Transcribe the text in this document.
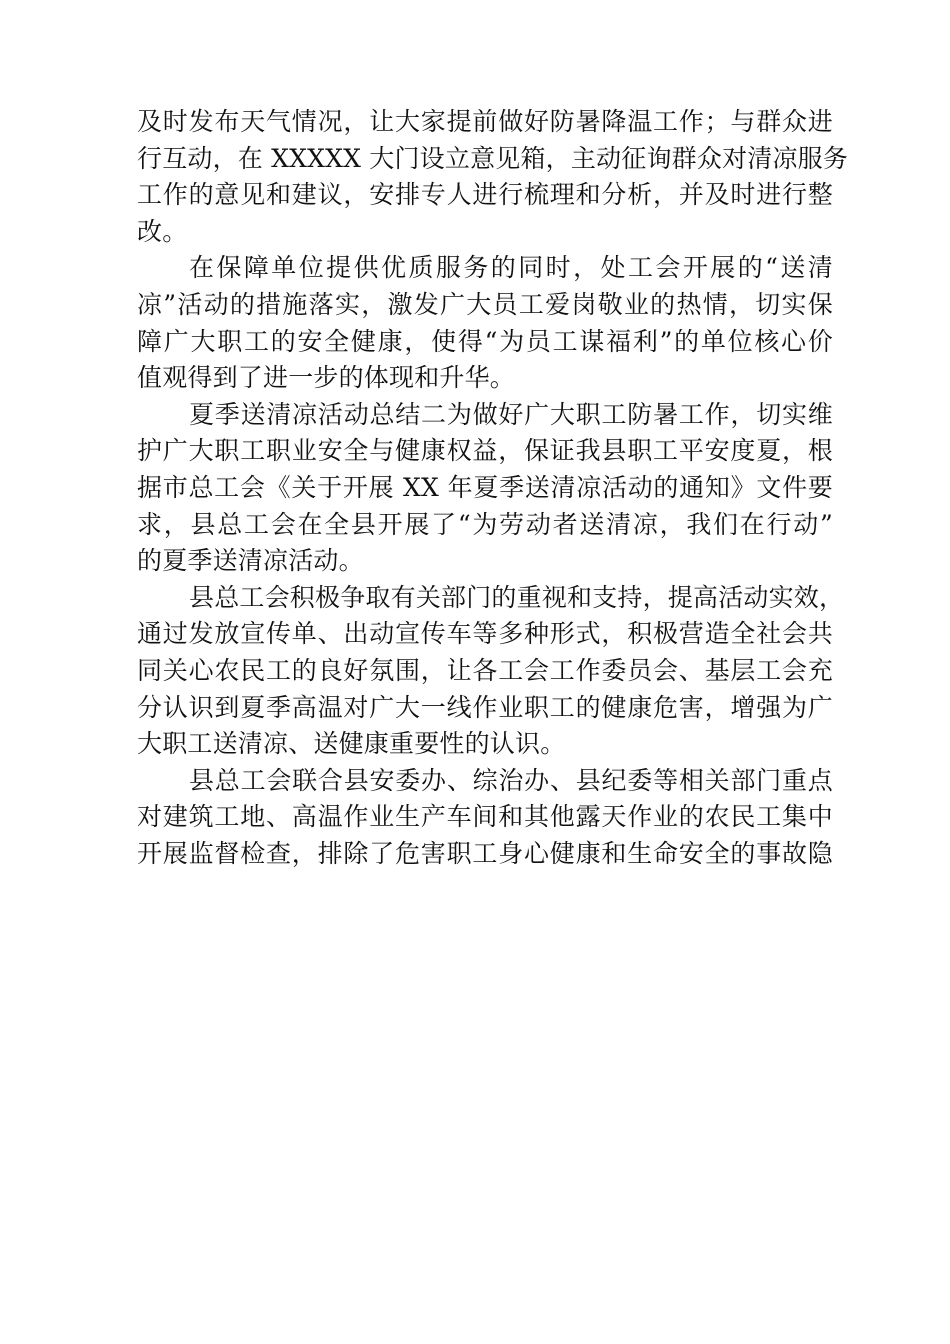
及时发布天气情况，让大家提前做好防暑降温工作；与群众进

行互动，在 XXXXX 大门设立意见箱，主动征询群众对清凉服务

工作的意见和建议，安排专人进行梳理和分析，并及时进行整

改。

在保障单位提供优质服务的同时，处工会开展的“送清

凉”活动的措施落实，激发广大员工爱岗敬业的热情，切实保

障广大职工的安全健康，使得“为员工谋福利”的单位核心价

值观得到了进一步的体现和升华。

夏季送清凉活动总结二为做好广大职工防暑工作，切实维

护广大职工职业安全与健康权益，保证我县职工平安度夏，根

据市总工会《关于开展 XX 年夏季送清凉活动的通知》文件要

求，县总工会在全县开展了“为劳动者送清凉，我们在行动”

的夏季送清凉活动。

县总工会积极争取有关部门的重视和支持，提高活动实效，

通过发放宣传单、出动宣传车等多种形式，积极营造全社会共

同关心农民工的良好氛围，让各工会工作委员会、基层工会充

分认识到夏季高温对广大一线作业职工的健康危害，增强为广

大职工送清凉、送健康重要性的认识。

县总工会联合县安委办、综治办、县纪委等相关部门重点

对建筑工地、高温作业生产车间和其他露天作业的农民工集中

开展监督检查，排除了危害职工身心健康和生命安全的事故隐
